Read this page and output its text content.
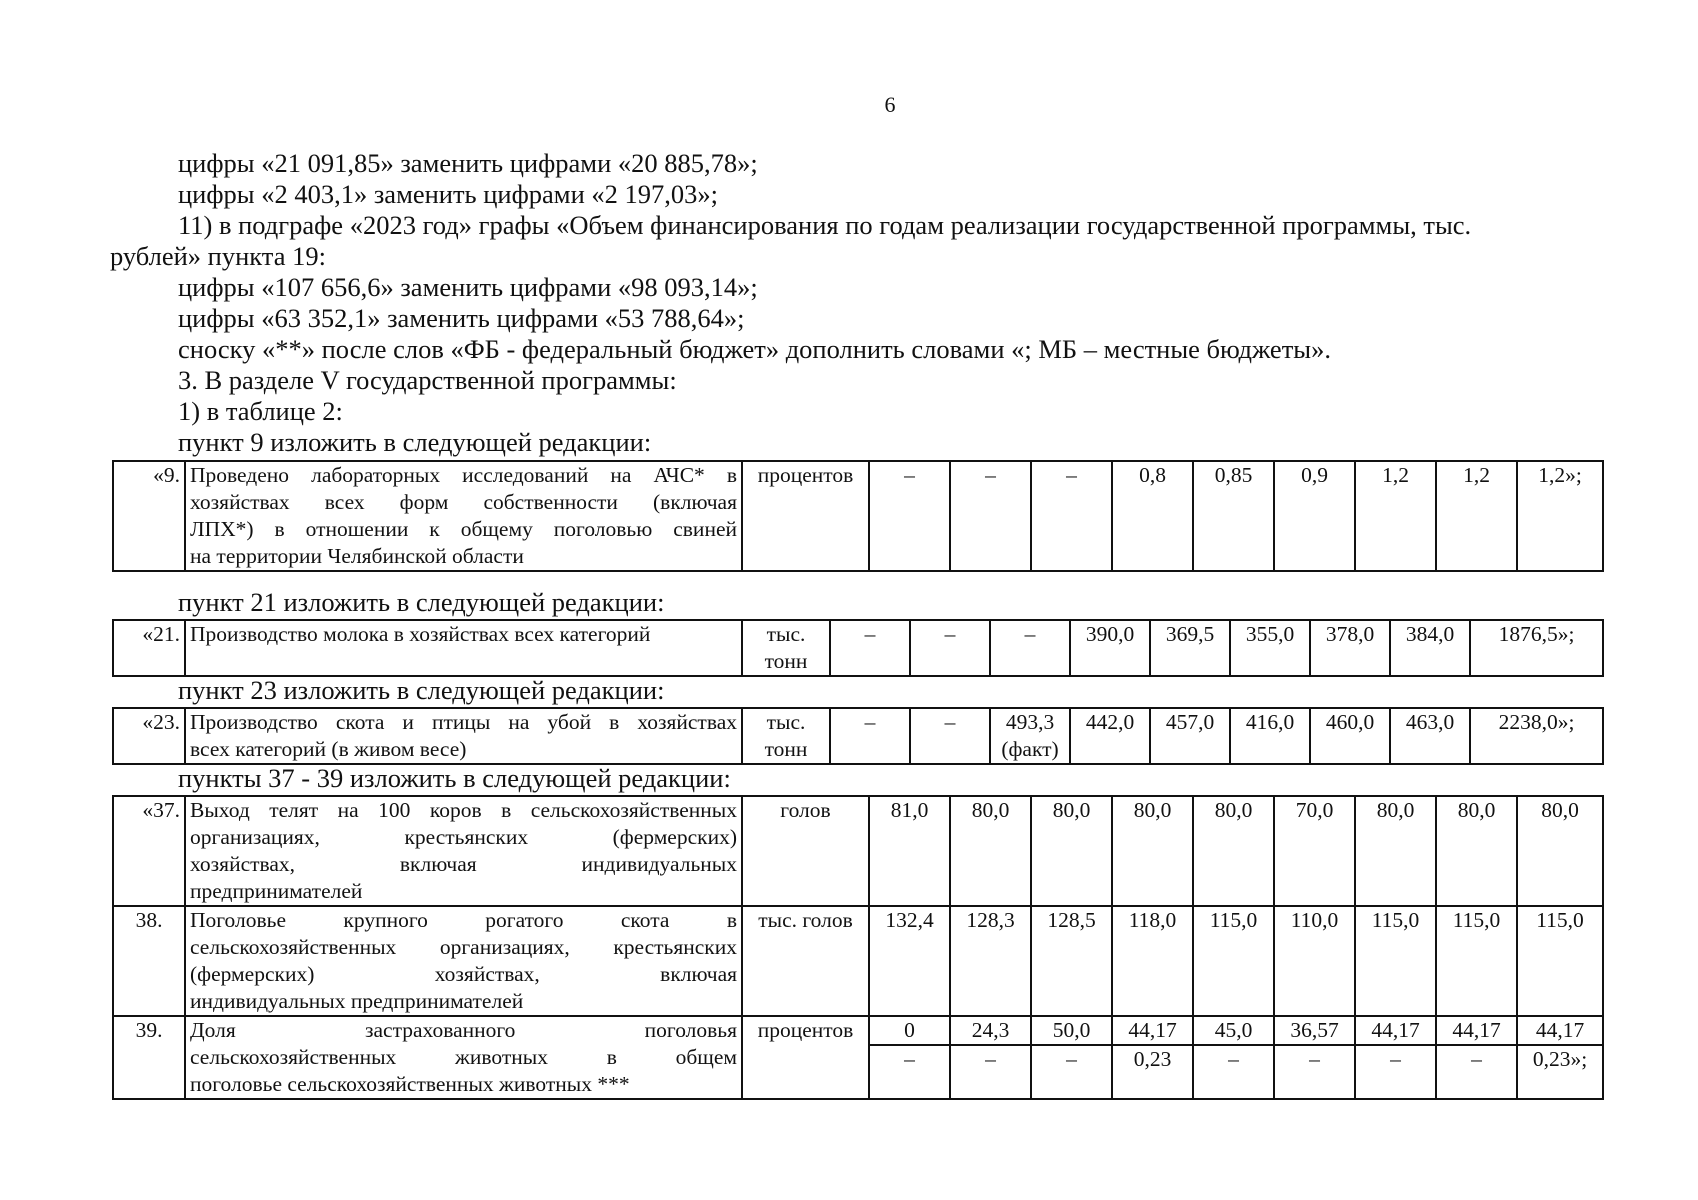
6
цифры «21 091,85» заменить цифрами «20 885,78»;
цифры «2 403,1» заменить цифрами «2 197,03»;
11) в подграфе «2023 год» графы «Объем финансирования по годам реализации государственной программы, тыс.
рублей» пункта 19:
цифры «107 656,6» заменить цифрами «98 093,14»;
цифры «63 352,1» заменить цифрами «53 788,64»;
сноску «**» после слов «ФБ - федеральный бюджет» дополнить словами «; МБ – местные бюджеты».
3. В разделе V государственной программы:
1) в таблице 2:
пункт 9 изложить в следующей редакции:
«9.	Проведено лабораторных исследований на АЧС* в
хозяйствах всех форм собственности (включая
ЛПХ*) в отношении к общему поголовью свиней
на территории Челябинской области
	процентов	–	–	–	0,8	0,85	0,9	1,2	1,2	1,2»;
пункт 21 изложить в следующей редакции:
«21.	Производство молока в хозяйствах всех категорий	тыс. тонн	–	–	–	390,0	369,5	355,0	378,0	384,0	1876,5»;
пункт 23 изложить в следующей редакции:
«23.	Производство скота и птицы на убой в хозяйствах
всех категорий (в живом весе)
	тыс. тонн	–	–	493,3 (факт)	442,0	457,0	416,0	460,0	463,0	2238,0»;
пункты 37 - 39 изложить в следующей редакции:
«37.	Выход телят на 100 коров в сельскохозяйственных
организациях, крестьянских (фермерских)
хозяйствах, включая индивидуальных
предпринимателей	голов	81,0	80,0	80,0	80,0	80,0	70,0	80,0	80,0	80,0
38.	Поголовье крупного рогатого скота в
сельскохозяйственных организациях, крестьянских
(фермерских) хозяйствах, включая
индивидуальных предпринимателей	тыс. голов	132,4	128,3	128,5	118,0	115,0	110,0	115,0	115,0	115,0
39.	Доля застрахованного поголовья
сельскохозяйственных животных в общем
поголовье сельскохозяйственных животных ***	процентов	0	24,3	50,0	44,17	45,0	36,57	44,17	44,17	44,17
			–	–	–	0,23	–	–	–	–	0,23»;
